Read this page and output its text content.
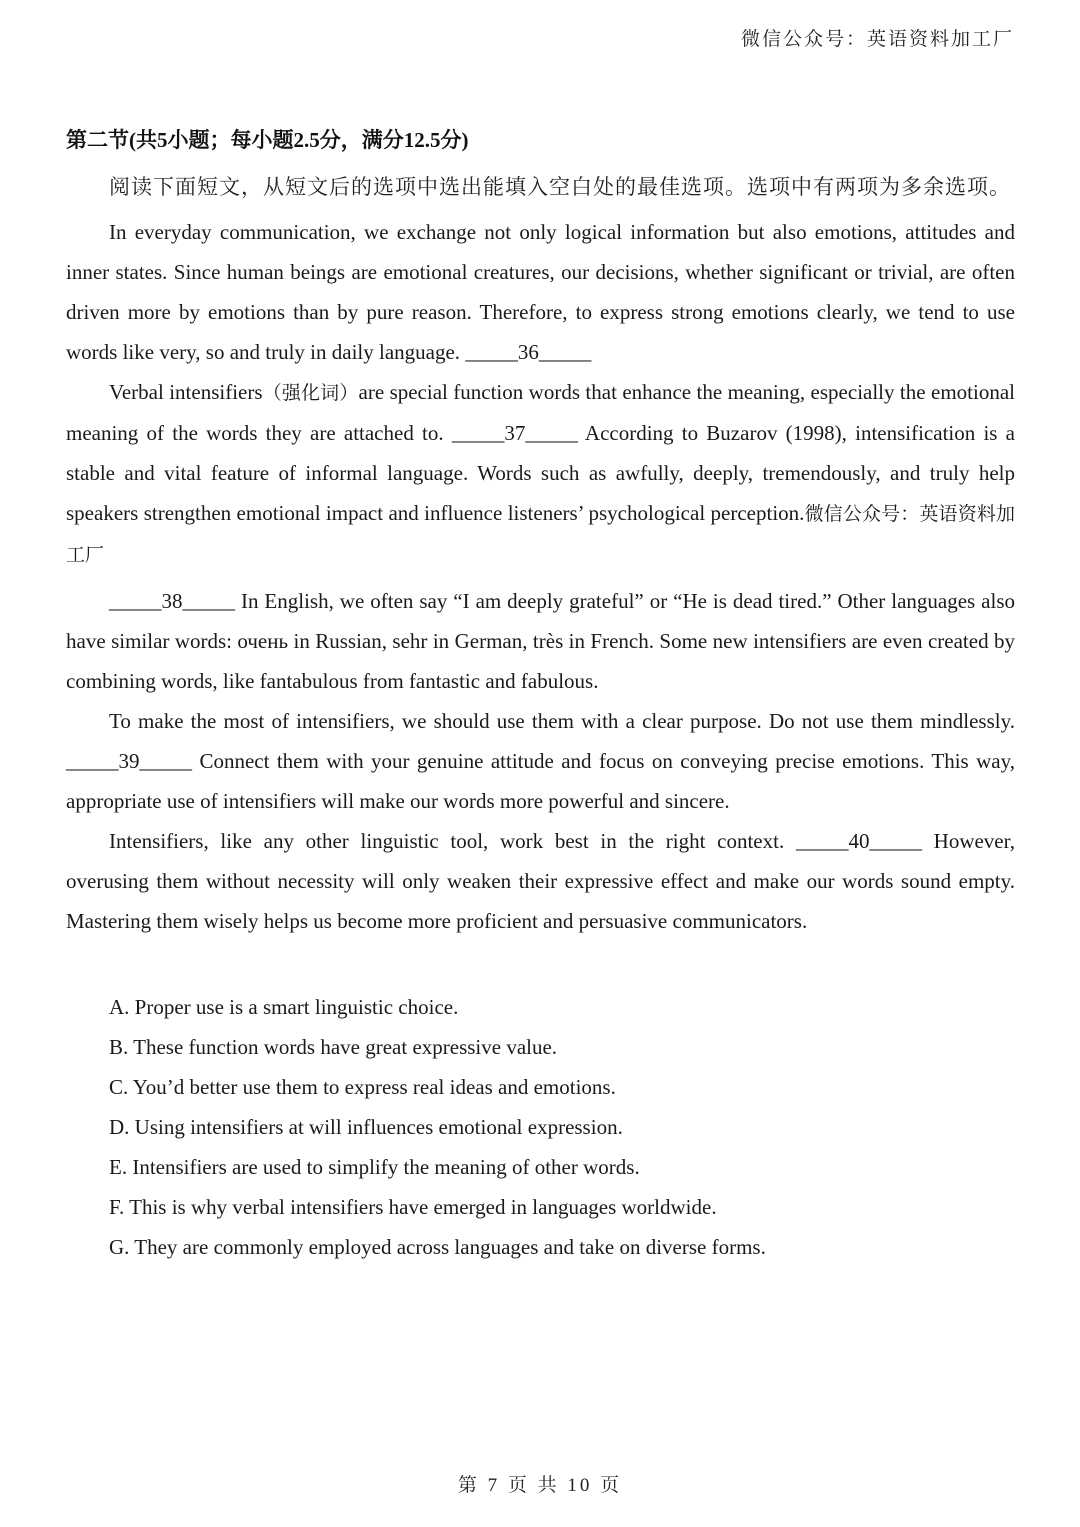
微信公众号：英语资料加工厂
第二节(共5小题；每小题2.5分，满分12.5分)
阅读下面短文，从短文后的选项中选出能填入空白处的最佳选项。选项中有两项为多余选项。

In everyday communication, we exchange not only logical information but also emotions, attitudes and inner states. Since human beings are emotional creatures, our decisions, whether significant or trivial, are often driven more by emotions than by pure reason. Therefore, to express strong emotions clearly, we tend to use words like very, so and truly in daily language. _____36_____

Verbal intensifiers（强化词）are special function words that enhance the meaning, especially the emotional meaning of the words they are attached to. _____37_____ According to Buzarov (1998), intensification is a stable and vital feature of informal language. Words such as awfully, deeply, tremendously, and truly help speakers strengthen emotional impact and influence listeners’ psychological perception.微信公众号：英语资料加工厂

_____38_____ In English, we often say “I am deeply grateful” or “He is dead tired.” Other languages also have similar words: очень in Russian, sehr in German, très in French. Some new intensifiers are even created by combining words, like fantabulous from fantastic and fabulous.

To make the most of intensifiers, we should use them with a clear purpose. Do not use them mindlessly. _____39_____ Connect them with your genuine attitude and focus on conveying precise emotions. This way, appropriate use of intensifiers will make our words more powerful and sincere.

Intensifiers, like any other linguistic tool, work best in the right context. _____40_____ However, overusing them without necessity will only weaken their expressive effect and make our words sound empty. Mastering them wisely helps us become more proficient and persuasive communicators.

A. Proper use is a smart linguistic choice.
B. These function words have great expressive value.
C. You’d better use them to express real ideas and emotions.
D. Using intensifiers at will influences emotional expression.
E. Intensifiers are used to simplify the meaning of other words.
F. This is why verbal intensifiers have emerged in languages worldwide.
G. They are commonly employed across languages and take on diverse forms.
第 7 页 共 10 页
